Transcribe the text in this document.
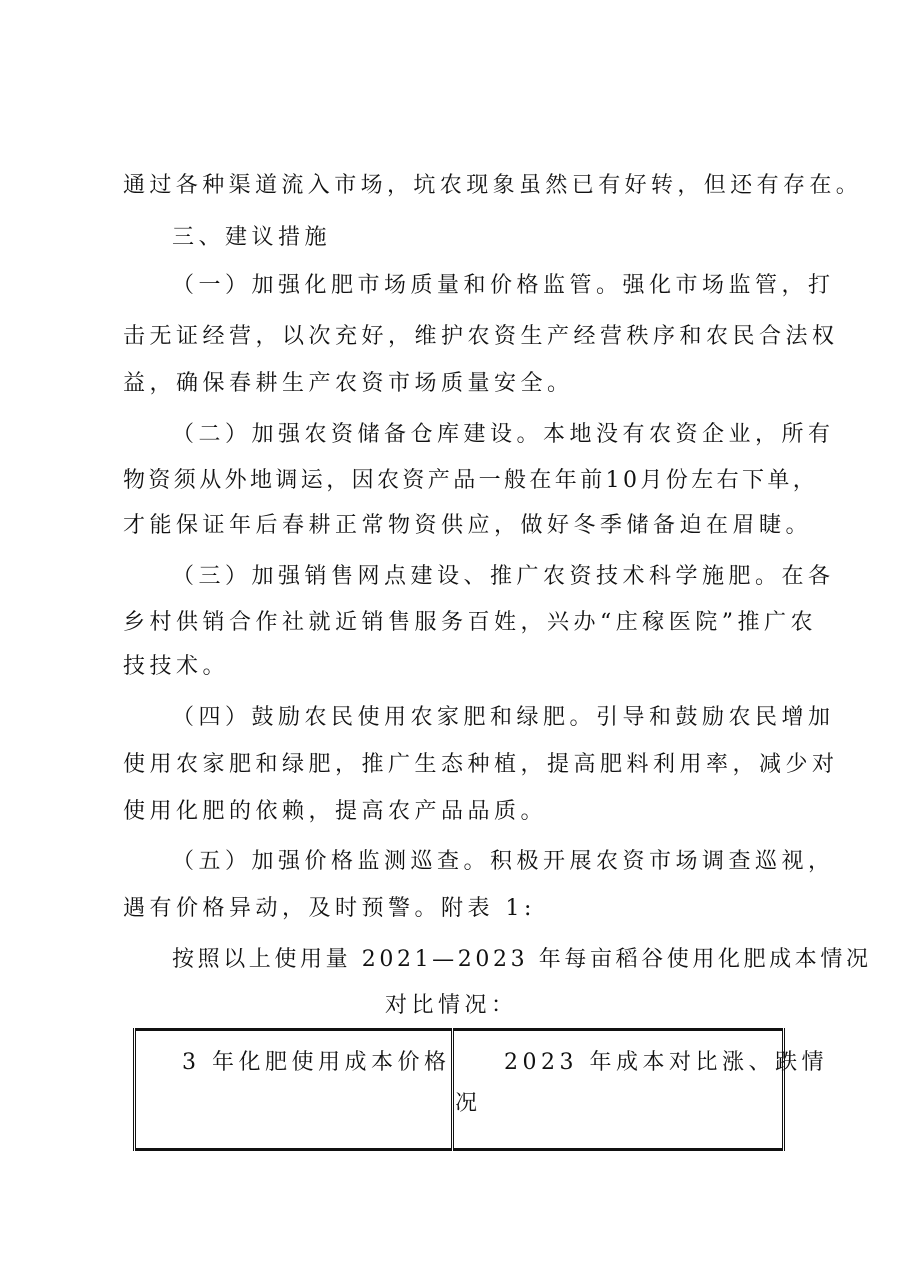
通过各种渠道流入市场，坑农现象虽然已有好转，但还有存在。
三、建议措施
（一）加强化肥市场质量和价格监管。强化市场监管，打
击无证经营，以次充好，维护农资生产经营秩序和农民合法权
益，确保春耕生产农资市场质量安全。
（二）加强农资储备仓库建设。本地没有农资企业，所有
物资须从外地调运，因农资产品一般在年前10月份左右下单，
才能保证年后春耕正常物资供应，做好冬季储备迫在眉睫。
（三）加强销售网点建设、推广农资技术科学施肥。在各
乡村供销合作社就近销售服务百姓，兴办“庄稼医院”推广农
技技术。
（四）鼓励农民使用农家肥和绿肥。引导和鼓励农民增加
使用农家肥和绿肥，推广生态种植，提高肥料利用率，减少对
使用化肥的依赖，提高农产品品质。
（五）加强价格监测巡查。积极开展农资市场调查巡视，
遇有价格异动，及时预警。附表 1:
按照以上使用量 2021—2023 年每亩稻谷使用化肥成本情况
对比情况：
3 年化肥使用成本价格	2023 年成本对比涨、跌情
况
